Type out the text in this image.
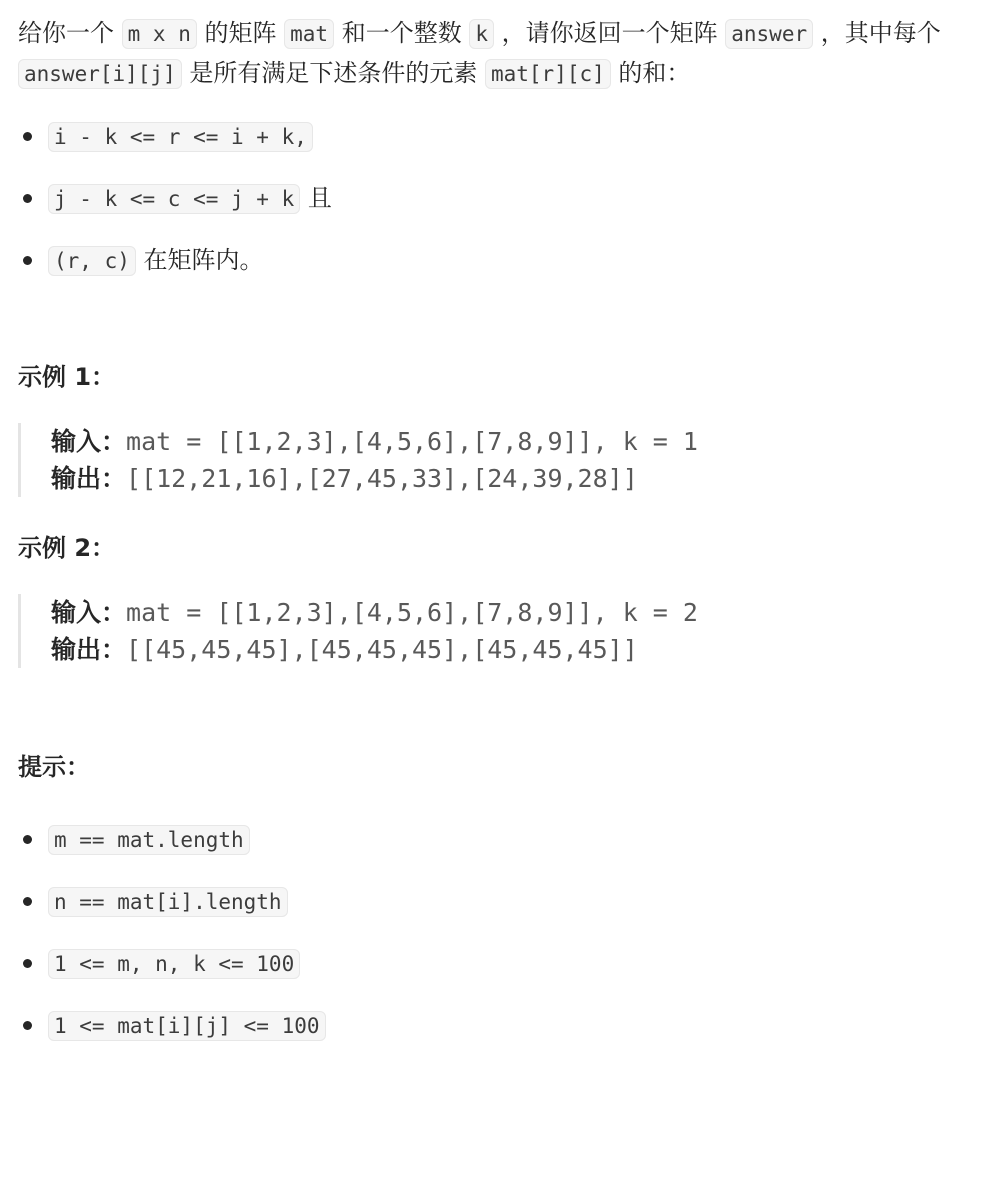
给你一个 m x n 的矩阵 mat 和一个整数 k ，请你返回一个矩阵 answer ，其中每个 answer[i][j] 是所有满足下述条件的元素 mat[r][c] 的和：

i - k <= r <= i + k,
j - k <= c <= j + k 且
(r, c) 在矩阵内。
示例 1：
输入：mat = [[1,2,3],[4,5,6],[7,8,9]], k = 1
输出：[[12,21,16],[27,45,33],[24,39,28]]
示例 2：
输入：mat = [[1,2,3],[4,5,6],[7,8,9]], k = 2
输出：[[45,45,45],[45,45,45],[45,45,45]]
提示：
m == mat.length
n == mat[i].length
1 <= m, n, k <= 100
1 <= mat[i][j] <= 100
